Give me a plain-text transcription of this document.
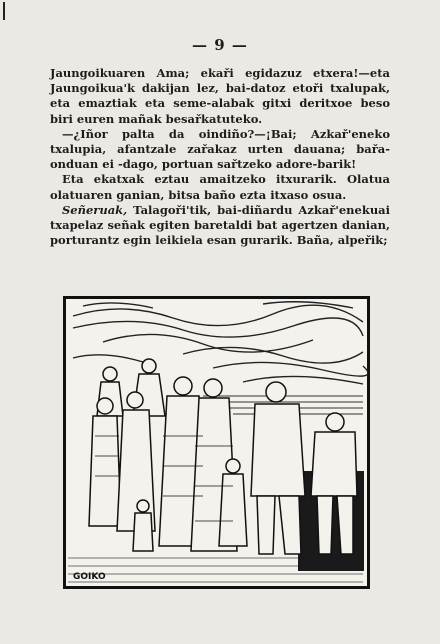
— 9 —

Jaungoikuaren Ama; ekaři egidazuz etxera!—eta Jaungoikua'k dakijan lez, bai-datoz etoři txalupak, eta emaztiak eta seme-alabak gitxi deritxoe beso biri euren mañak besařkatuteko.

—¿Iñor palta da oindiño?—¡Bai; Azkař'eneko txalupia, afantzale zařakaz urten dauana; bařa-onduan ei -dago, portuan sařtzeko adore-barik!

Eta ekatxak eztau amaitzeko itxurarik. Olatua olatuaren ganian, bitsa baño ezta itxaso osua.

Señeruak, Talagoři'tik, bai-diñardu Azkař'enekuai txapelaz señak egiten baretaldi bat agertzen danian, porturantz egin leikiela esan gurarik. Baña, alpeřik;

GOIKO
